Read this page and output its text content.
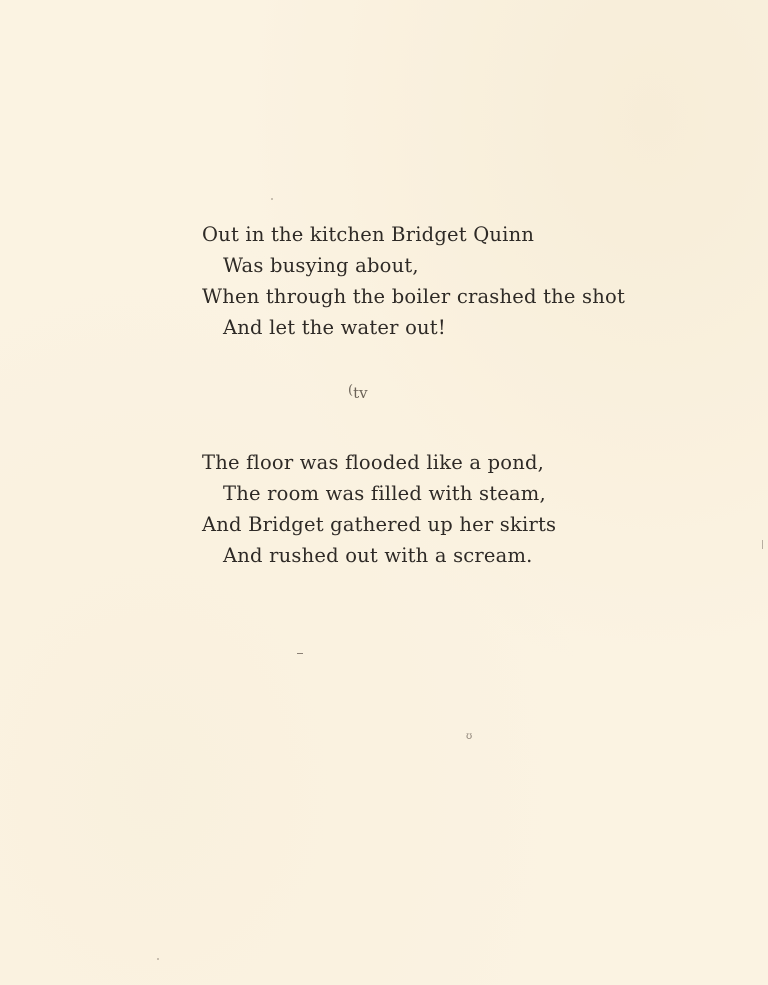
Out in the kitchen Bridget Quinn
Was busying about,
When through the boiler crashed the shot
And let the water out!
(tv
The floor was flooded like a pond,
The room was filled with steam,
And Bridget gathered up her skirts
And rushed out with a scream.
ʊ
